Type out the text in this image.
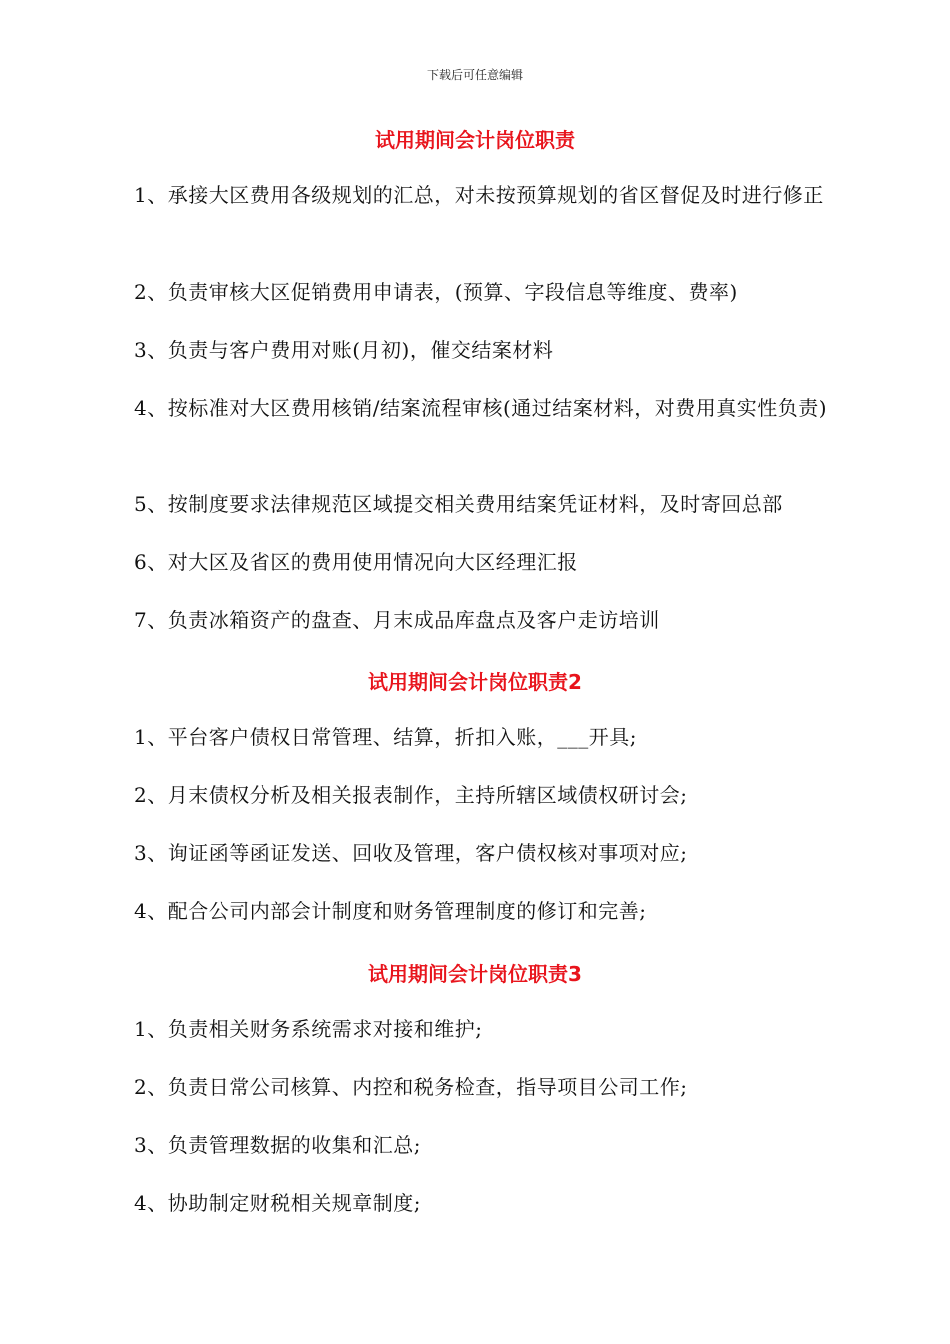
下载后可任意编辑
试用期间会计岗位职责
1、承接大区费用各级规划的汇总，对未按预算规划的省区督促及时进行修正
2、负责审核大区促销费用申请表，(预算、字段信息等维度、费率)
3、负责与客户费用对账(月初)，催交结案材料
4、按标准对大区费用核销/结案流程审核(通过结案材料，对费用真实性负责)
5、按制度要求法律规范区域提交相关费用结案凭证材料，及时寄回总部
6、对大区及省区的费用使用情况向大区经理汇报
7、负责冰箱资产的盘查、月末成品库盘点及客户走访培训
试用期间会计岗位职责2
1、平台客户债权日常管理、结算，折扣入账，___开具;
2、月末债权分析及相关报表制作，主持所辖区域债权研讨会;
3、询证函等函证发送、回收及管理，客户债权核对事项对应;
4、配合公司内部会计制度和财务管理制度的修订和完善;
试用期间会计岗位职责3
1、负责相关财务系统需求对接和维护;
2、负责日常公司核算、内控和税务检查，指导项目公司工作;
3、负责管理数据的收集和汇总;
4、协助制定财税相关规章制度;
